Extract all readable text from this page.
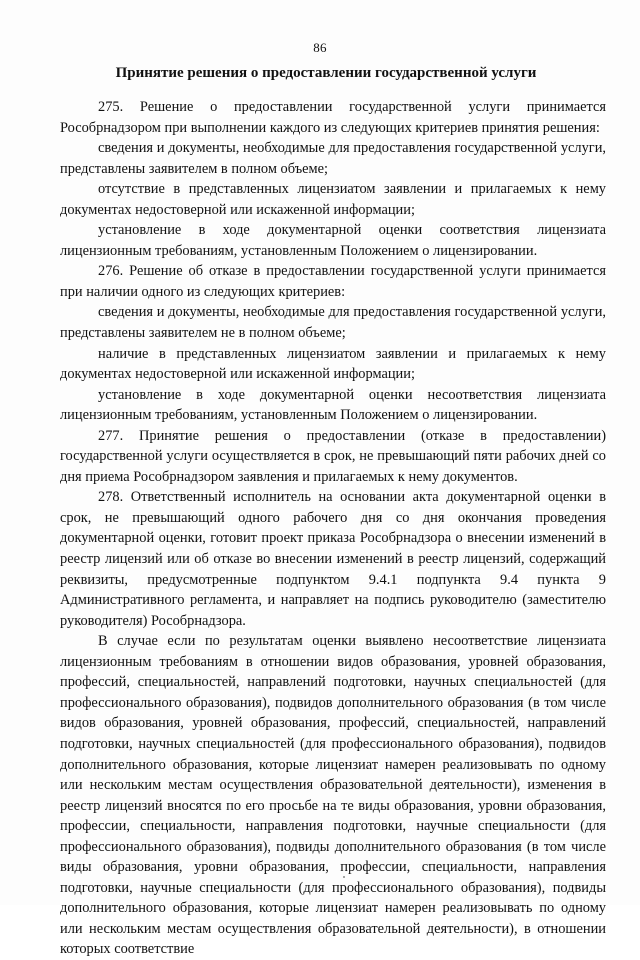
86
Принятие решения о предоставлении государственной услуги

275. Решение о предоставлении государственной услуги принимается Рособрнадзором при выполнении каждого из следующих критериев принятия решения:

сведения и документы, необходимые для предоставления государственной услуги, представлены заявителем в полном объеме;

отсутствие в представленных лицензиатом заявлении и прилагаемых к нему документах недостоверной или искаженной информации;

установление в ходе документарной оценки соответствия лицензиата лицензионным требованиям, установленным Положением о лицензировании.

276. Решение об отказе в предоставлении государственной услуги принимается при наличии одного из следующих критериев:

сведения и документы, необходимые для предоставления государственной услуги, представлены заявителем не в полном объеме;

наличие в представленных лицензиатом заявлении и прилагаемых к нему документах недостоверной или искаженной информации;

установление в ходе документарной оценки несоответствия лицензиата лицензионным требованиям, установленным Положением о лицензировании.

277. Принятие решения о предоставлении (отказе в предоставлении) государственной услуги осуществляется в срок, не превышающий пяти рабочих дней со дня приема Рособрнадзором заявления и прилагаемых к нему документов.

278. Ответственный исполнитель на основании акта документарной оценки в срок, не превышающий одного рабочего дня со дня окончания проведения документарной оценки, готовит проект приказа Рособрнадзора о внесении изменений в реестр лицензий или об отказе во внесении изменений в реестр лицензий, содержащий реквизиты, предусмотренные подпунктом 9.4.1 подпункта 9.4 пункта 9 Административного регламента, и направляет на подпись руководителю (заместителю руководителя) Рособрнадзора.

В случае если по результатам оценки выявлено несоответствие лицензиата лицензионным требованиям в отношении видов образования, уровней образования, профессий, специальностей, направлений подготовки, научных специальностей (для профессионального образования), подвидов дополнительного образования (в том числе видов образования, уровней образования, профессий, специальностей, направлений подготовки, научных специальностей (для профессионального образования), подвидов дополнительного образования, которые лицензиат намерен реализовывать по одному или нескольким местам осуществления образовательной деятельности), изменения в реестр лицензий вносятся по его просьбе на те виды образования, уровни образования, профессии, специальности, направления подготовки, научные специальности (для профессионального образования), подвиды дополнительного образования (в том числе виды образования, уровни образования, профессии, специальности, направления подготовки, научные специальности (для профессионального образования), подвиды дополнительного образования, которые лицензиат намерен реализовывать по одному или нескольким местам осуществления образовательной деятельности), в отношении которых соответствие
